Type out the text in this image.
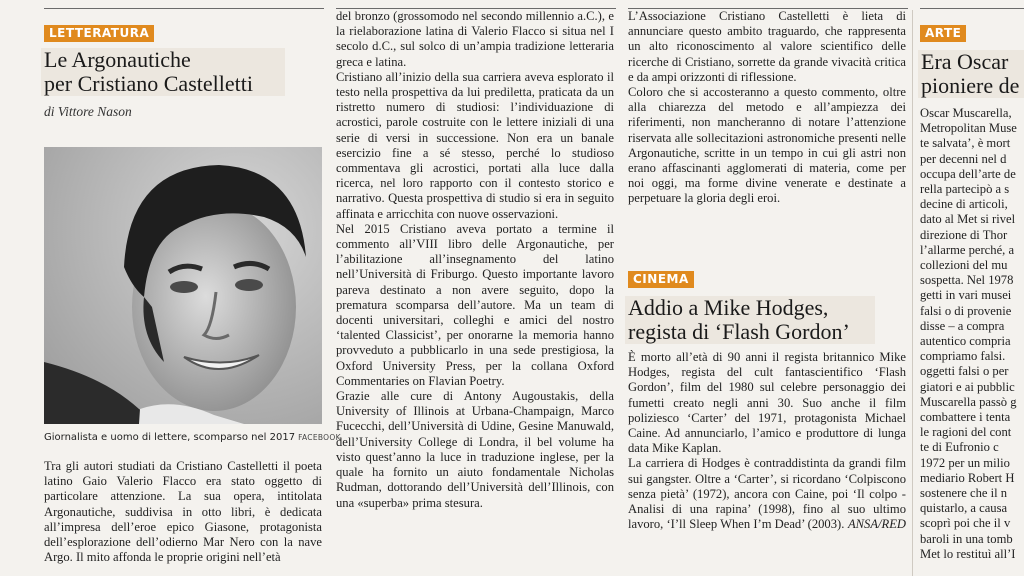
LETTERATURA
Le Argonautiche
per Cristiano Castelletti
di Vittore Nason
Giornalista e uomo di lettere, scomparso nel 2017 FACEBOOK

Tra gli autori studiati da Cristiano Castelletti il poeta latino Gaio Valerio Flacco era stato oggetto di particolare attenzione. La sua opera, intitolata Argonautiche, suddivisa in otto libri, è dedicata all’impresa dell’eroe epico Giasone, protagonista dell’esplorazione dell’odierno Mar Nero con la nave Argo. Il mito affonda le proprie origini nell’età

del bronzo (grossomodo nel secondo millennio a.C.), e la rielaborazione latina di Valerio Flacco si situa nel I secolo d.C., sul solco di un’ampia tradizione letteraria greca e latina.

Cristiano all’inizio della sua carriera aveva esplorato il testo nella prospettiva da lui prediletta, praticata da un ristretto numero di studiosi: l’individuazione di acrostici, parole costruite con le lettere iniziali di una serie di versi in successione. Non era un banale esercizio fine a sé stesso, perché lo studioso commentava gli acrostici, portati alla luce dalla ricerca, nel loro rapporto con il contesto storico e narrativo. Questa prospettiva di studio si era in seguito affinata e arricchita con nuove osservazioni.

Nel 2015 Cristiano aveva portato a termine il commento all’VIII libro delle Argonautiche, per l’abilitazione all’insegnamento del latino nell’Università di Friburgo. Questo importante lavoro pareva destinato a non avere seguito, dopo la prematura scomparsa dell’autore. Ma un team di docenti universitari, colleghi e amici del nostro ‘talented Classicist’, per onorarne la memoria hanno provveduto a pubblicarlo in una sede prestigiosa, la Oxford University Press, per la collana Oxford Commentaries on Flavian Poetry.

Grazie alle cure di Antony Augoustakis, della University of Illinois at Urbana-Champaign, Marco Fucecchi, dell’Università di Udine, Gesine Manuwald, dell’University College di Londra, il bel volume ha visto quest’anno la luce in traduzione inglese, per la quale ha fornito un aiuto fondamentale Nicholas Rudman, dottorando dell’Università dell’Illinois, con una «superba» prima stesura.

L’Associazione Cristiano Castelletti è lieta di annunciare questo ambito traguardo, che rappresenta un alto riconoscimento al valore scientifico delle ricerche di Cristiano, sorrette da grande vivacità critica e da ampi orizzonti di riflessione.

Coloro che si accosteranno a questo commento, oltre alla chiarezza del metodo e all’ampiezza dei riferimenti, non mancheranno di notare l’attenzione riservata alle sollecitazioni astronomiche presenti nelle Argonautiche, scritte in un tempo in cui gli astri non erano affascinanti agglomerati di materia, come per noi oggi, ma forme divine venerate e destinate a perpetuare la gloria degli eroi.

CINEMA
Addio a Mike Hodges,
regista di ‘Flash Gordon’

È morto all’età di 90 anni il regista britannico Mike Hodges, regista del cult fantascientifico ‘Flash Gordon’, film del 1980 sul celebre personaggio dei fumetti creato negli anni 30. Suo anche il film poliziesco ‘Carter’ del 1971, protagonista Michael Caine. Ad annunciarlo, l’amico e produttore di lunga data Mike Kaplan.

La carriera di Hodges è contraddistinta da grandi film sui gangster. Oltre a ‘Carter’, si ricordano ‘Colpiscono senza pietà’ (1972), ancora con Caine, poi ‘Il colpo - Analisi di una rapina’ (1998), fino al suo ultimo lavoro, ‘I’ll Sleep When I’m Dead’ (2003). ANSA/RED

ARTE
Era Oscar
pioniere de
Oscar Muscarella,
Metropolitan Muse
te salvata’, è mort
per decenni nel d
occupa dell’arte de
rella partecipò a s
decine di articoli,
dato al Met si rivel
direzione di Thor
l’allarme perché, a
collezioni del mu
sospetta. Nel 1978
getti in vari musei
falsi o di provenie
disse – a compra
autentico compria
compriamo falsi.
oggetti falsi o per
giatori e ai pubblic
Muscarella passò g
combattere i tenta
le ragioni del cont
te di Eufronio c
1972 per un milio
mediario Robert H
sostenere che il n
quistarlo, a causa
scoprì poi che il v
baroli in una tomb
Met lo restituì all’I
